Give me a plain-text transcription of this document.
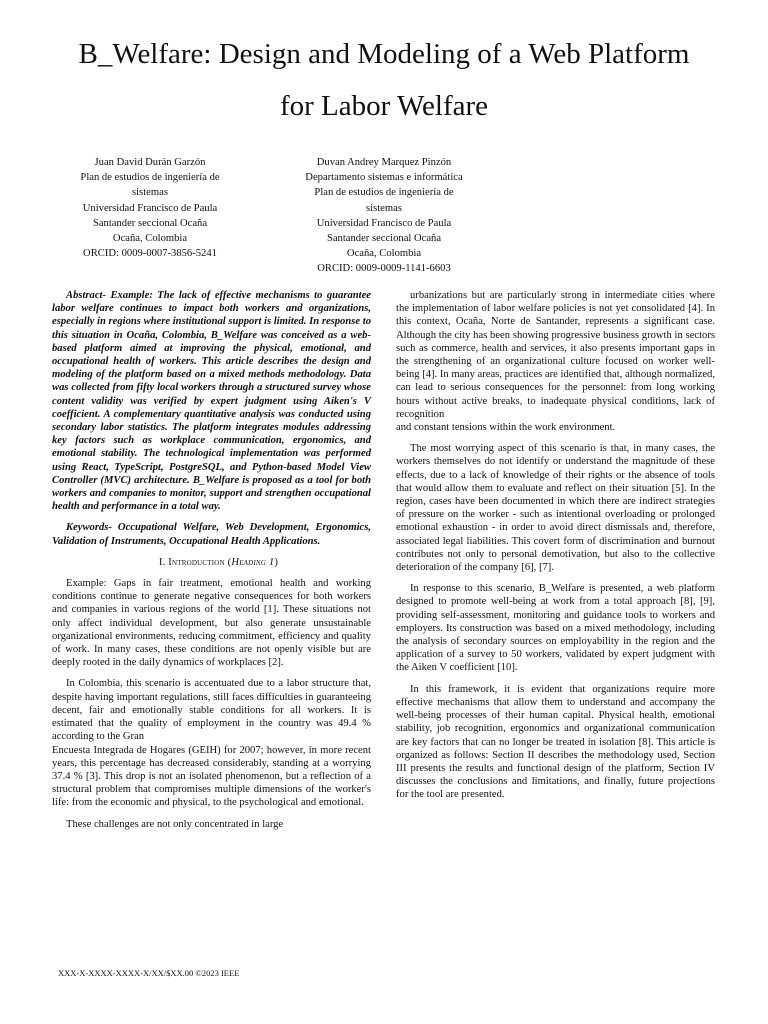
B_Welfare: Design and Modeling of a Web Platform
for Labor Welfare
Juan David Durán Garzón
Plan de estudios de ingeniería de
sistemas
Universidad Francisco de Paula
Santander seccional Ocaña
Ocaña, Colombia
ORCID: 0009-0007-3856-5241
Duvan Andrey Marquez Pinzón
Departamento sistemas e informática
Plan de estudios de ingeniería de
sistemas
Universidad Francisco de Paula
Santander seccional Ocaña
Ocaña, Colombia
ORCID: 0009-0009-1141-6603

Abstract- Example: The lack of effective mechanisms to guarantee labor welfare continues to impact both workers and organizations, especially in regions where institutional support is limited. In response to this situation in Ocaña, Colombia, B_Welfare was conceived as a web-based platform aimed at improving the physical, emotional, and occupational health of workers. This article describes the design and modeling of the platform based on a mixed methods methodology. Data was collected from fifty local workers through a structured survey whose content validity was verified by expert judgment using Aiken's V coefficient. A complementary quantitative analysis was conducted using secondary labor statistics. The platform integrates modules addressing key factors such as workplace communication, ergonomics, and emotional stability. The technological implementation was performed using React, TypeScript, PostgreSQL, and Python-based Model View Controller (MVC) architecture. B_Welfare is proposed as a tool for both workers and companies to monitor, support and strengthen occupational health and performance in a total way.

Keywords- Occupational Welfare, Web Development, Ergonomics, Validation of Instruments, Occupational Health Applications.

I. Introduction (Heading 1)

Example: Gaps in fair treatment, emotional health and working conditions continue to generate negative consequences for both workers and companies in various regions of the world [1]. These situations not only affect individual development, but also generate unsustainable organizational environments, reducing commitment, efficiency and quality of work. In many cases, these conditions are not openly visible but are deeply rooted in the daily dynamics of workplaces [2].

In Colombia, this scenario is accentuated due to a labor structure that, despite having important regulations, still faces difficulties in guaranteeing decent, fair and emotionally stable conditions for all workers. It is estimated that the quality of employment in the country was 49.4 % according to the Gran

Encuesta Integrada de Hogares (GEIH) for 2007; however, in more recent years, this percentage has decreased considerably, standing at a worrying 37.4 % [3]. This drop is not an isolated phenomenon, but a reflection of a structural problem that compromises multiple dimensions of the worker's life: from the economic and physical, to the psychological and emotional.

These challenges are not only concentrated in large

urbanizations but are particularly strong in intermediate cities where the implementation of labor welfare policies is not yet consolidated [4]. In this context, Ocaña, Norte de Santander, represents a significant case. Although the city has been showing progressive business growth in sectors such as commerce, health and services, it also presents important gaps in the strengthening of an organizational culture focused on worker well-being [4]. In many areas, practices are identified that, although normalized, can lead to serious consequences for the personnel: from long working hours without active breaks, to inadequate physical conditions, lack of recognition

and constant tensions within the work environment.

The most worrying aspect of this scenario is that, in many cases, the workers themselves do not identify or understand the magnitude of these effects, due to a lack of knowledge of their rights or the absence of tools that would allow them to evaluate and reflect on their situation [5]. In the region, cases have been documented in which there are indirect strategies of pressure on the worker - such as intentional overloading or prolonged emotional exhaustion - in order to avoid direct dismissals and, therefore, associated legal liabilities. This covert form of discrimination and burnout contributes not only to personal demotivation, but also to the collective deterioration of the company [6], [7].

In response to this scenario, B_Welfare is presented, a web platform designed to promote well-being at work from a total approach [8], [9], providing self-assessment, monitoring and guidance tools to workers and employers. Its construction was based on a mixed methodology, including the analysis of secondary sources on employability in the region and the application of a survey to 50 workers, validated by expert judgment with the Aiken V coefficient [10].

In this framework, it is evident that organizations require more effective mechanisms that allow them to understand and accompany the well-being processes of their human capital. Physical health, emotional stability, job recognition, ergonomics and organizational communication are key factors that can no longer be treated in isolation [8]. This article is organized as follows: Section II describes the methodology used, Section III presents the results and functional design of the platform, Section IV discusses the conclusions and limitations, and finally, future projections for the tool are presented.

XXX-X-XXXX-XXXX-X/XX/$XX.00 ©2023 IEEE
